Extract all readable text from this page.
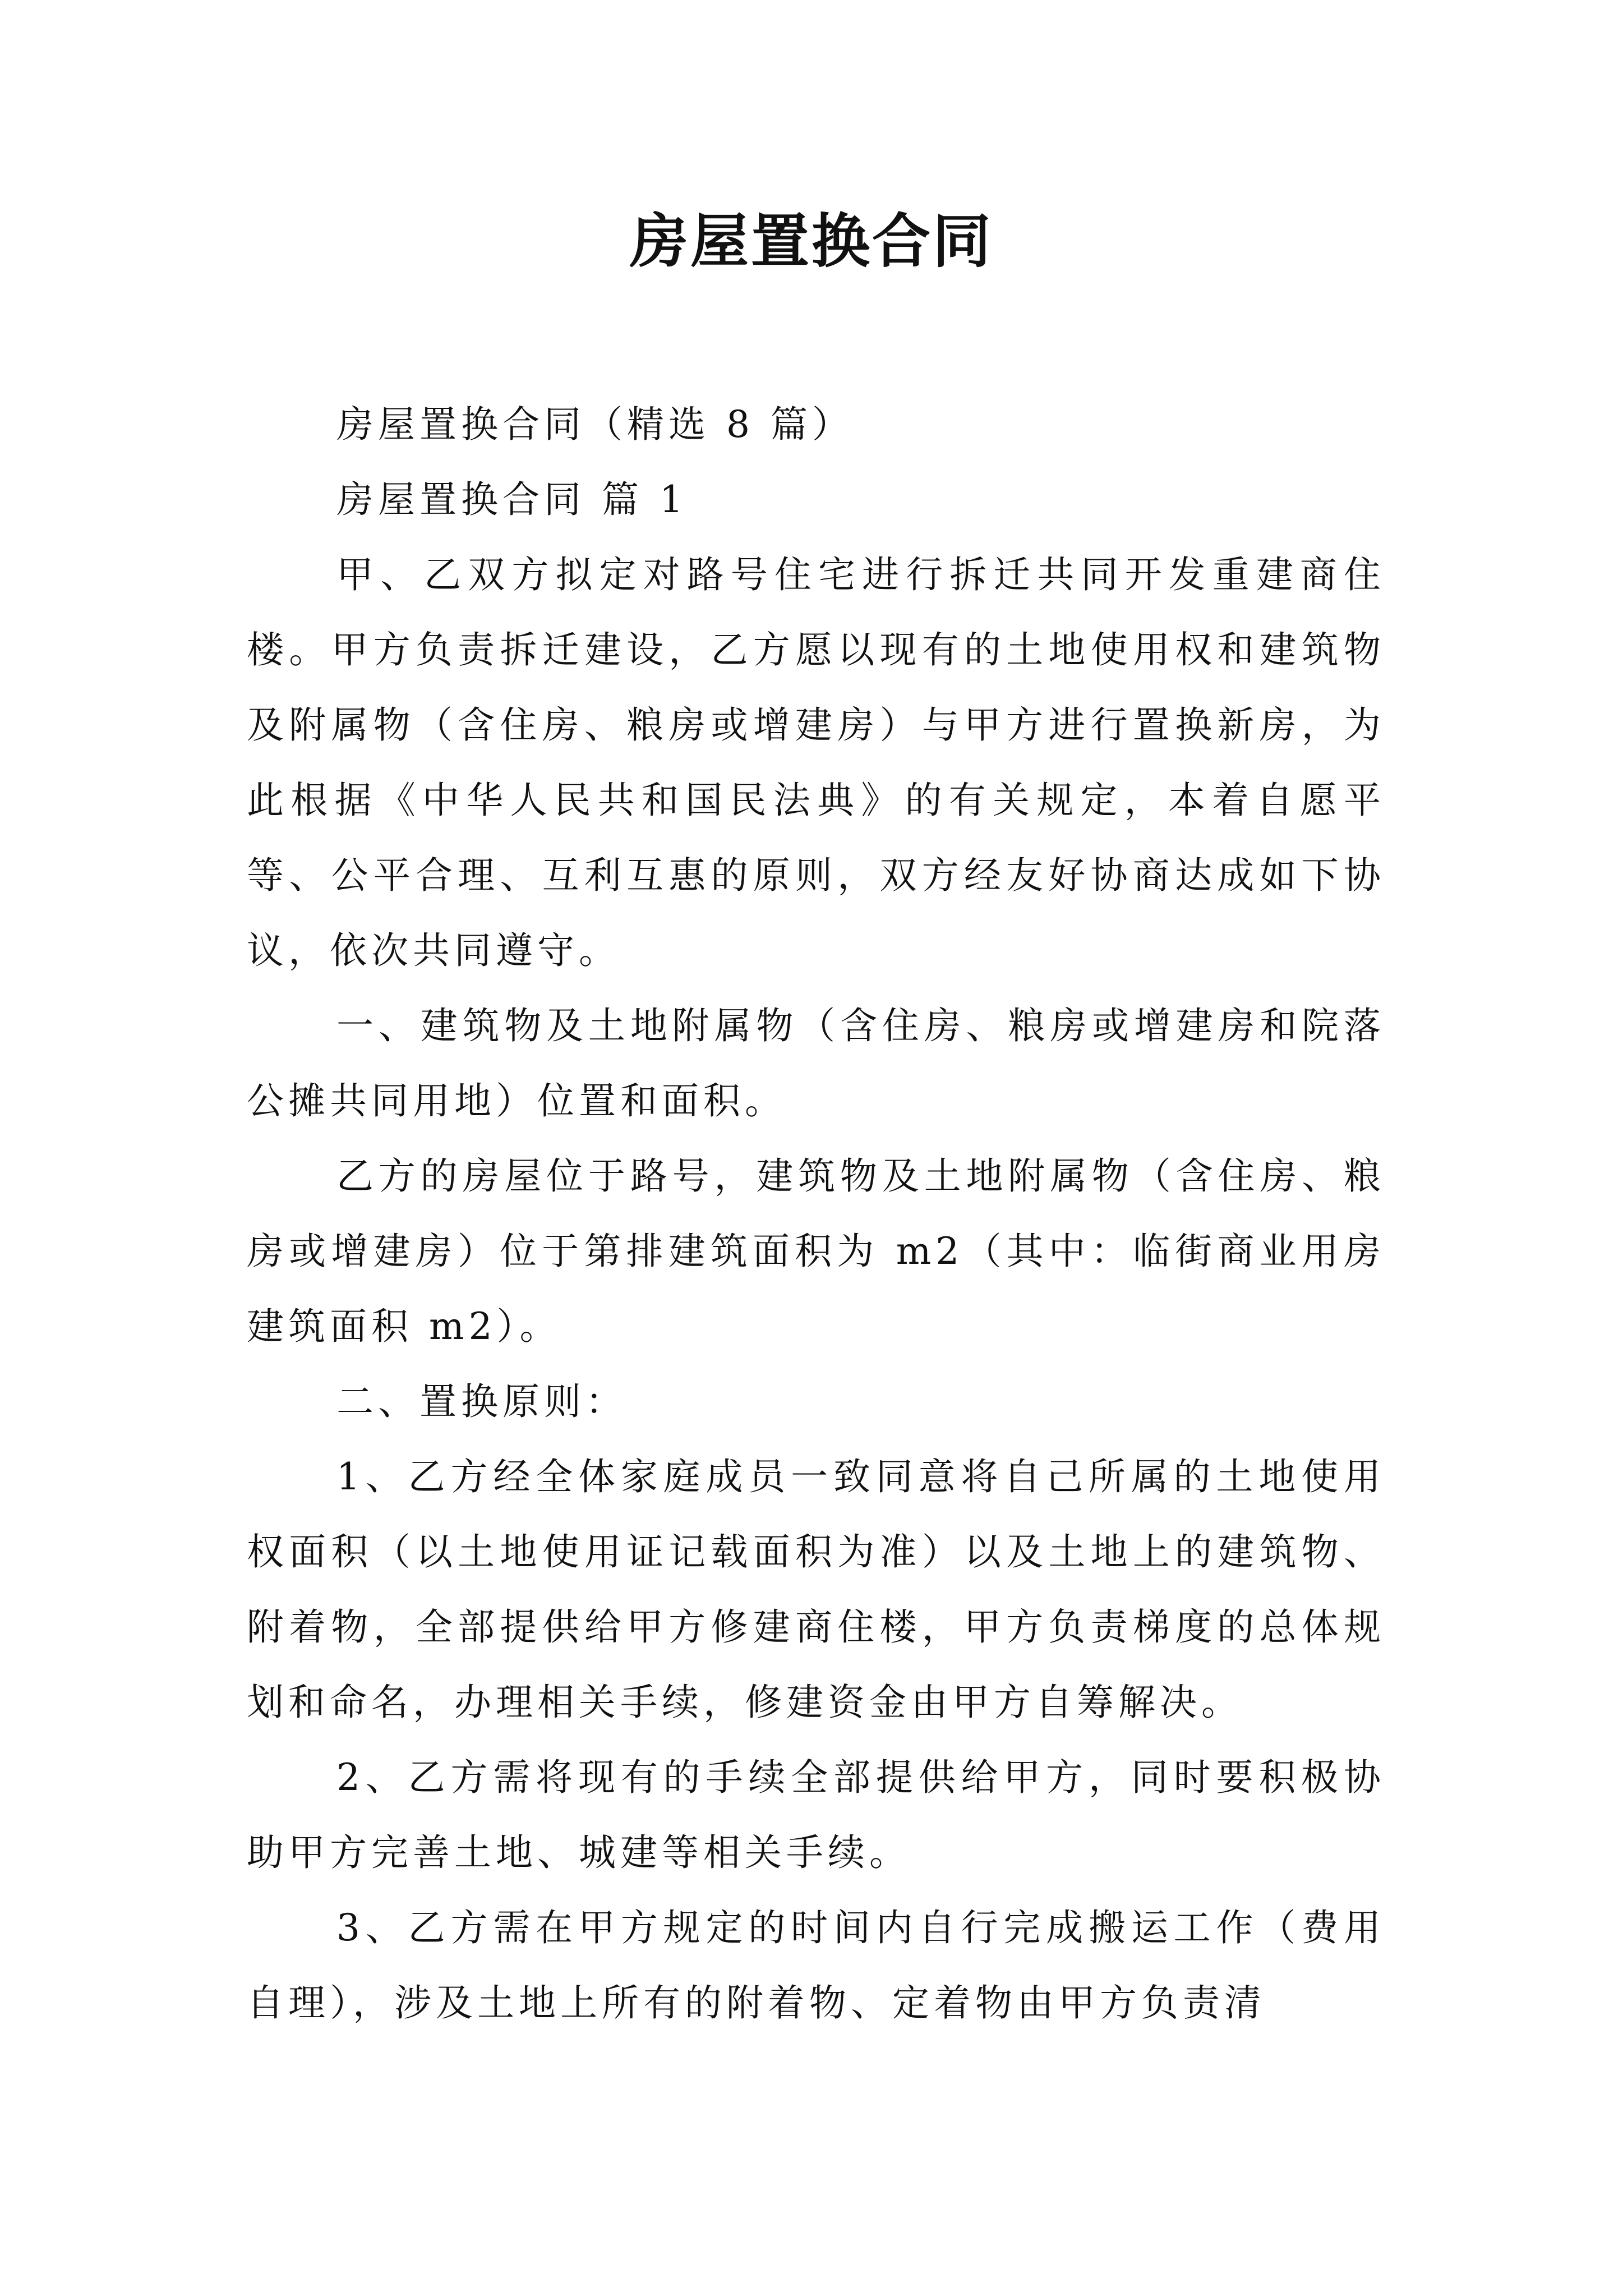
房屋置换合同

房屋置换合同（精选 8 篇）

房屋置换合同 篇 1

甲、乙双方拟定对路号住宅进行拆迁共同开发重建商住楼。甲方负责拆迁建设，乙方愿以现有的土地使用权和建筑物及附属物（含住房、粮房或增建房）与甲方进行置换新房，为此根据《中华人民共和国民法典》的有关规定，本着自愿平等、公平合理、互利互惠的原则，双方经友好协商达成如下协议，依次共同遵守。

一、建筑物及土地附属物（含住房、粮房或增建房和院落公摊共同用地）位置和面积。

乙方的房屋位于路号，建筑物及土地附属物（含住房、粮房或增建房）位于第排建筑面积为 m2（其中：临街商业用房建筑面积 m2）。

二、置换原则：

1、乙方经全体家庭成员一致同意将自己所属的土地使用权面积（以土地使用证记载面积为准）以及土地上的建筑物、附着物，全部提供给甲方修建商住楼，甲方负责梯度的总体规划和命名，办理相关手续，修建资金由甲方自筹解决。

2、乙方需将现有的手续全部提供给甲方，同时要积极协助甲方完善土地、城建等相关手续。

3、乙方需在甲方规定的时间内自行完成搬运工作（费用自理），涉及土地上所有的附着物、定着物由甲方负责清
